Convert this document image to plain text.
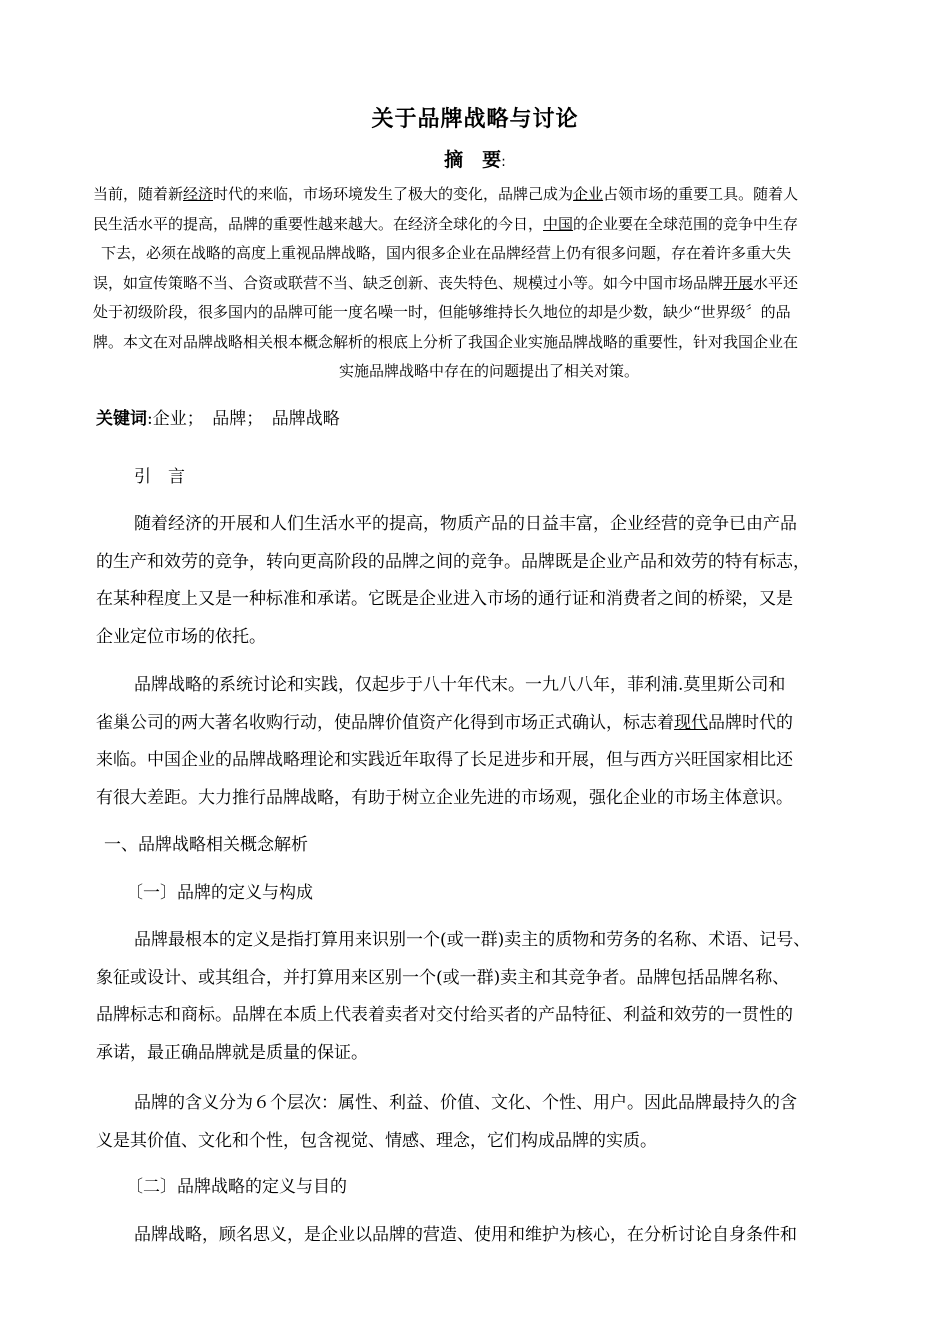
关于品牌战略与讨论
摘　要:
当前，随着新经济时代的来临，市场环境发生了极大的变化，品牌己成为企业占领市场的重要工具。随着人
民生活水平的提高，品牌的重要性越来越大。在经济全球化的今日，中国的企业要在全球范围的竞争中生存
下去，必须在战略的高度上重视品牌战略，国内很多企业在品牌经营上仍有很多问题，存在着许多重大失
误，如宣传策略不当、合资或联营不当、缺乏创新、丧失特色、规模过小等。如今中国市场品牌开展水平还
处于初级阶段，很多国内的品牌可能一度名噪一时，但能够维持长久地位的却是少数，缺少“世界级〞的品
牌。本文在对品牌战略相关根本概念解析的根底上分析了我国企业实施品牌战略的重要性，针对我国企业在
实施品牌战略中存在的问题提出了相关对策。
关键词:企业；　品牌；　品牌战略
引　言
随着经济的开展和人们生活水平的提高，物质产品的日益丰富，企业经营的竞争已由产品
的生产和效劳的竞争，转向更高阶段的品牌之间的竞争。品牌既是企业产品和效劳的特有标志，
在某种程度上又是一种标准和承诺。它既是企业进入市场的通行证和消费者之间的桥梁，又是
企业定位市场的依托。
品牌战略的系统讨论和实践，仅起步于八十年代末。一九八八年，菲利浦.莫里斯公司和
雀巢公司的两大著名收购行动，使品牌价值资产化得到市场正式确认，标志着现代品牌时代的
来临。中国企业的品牌战略理论和实践近年取得了长足进步和开展，但与西方兴旺国家相比还
有很大差距。大力推行品牌战略，有助于树立企业先进的市场观，强化企业的市场主体意识。
一、品牌战略相关概念解析
〔一〕品牌的定义与构成
品牌最根本的定义是指打算用来识别一个(或一群)卖主的质物和劳务的名称、术语、记号、
象征或设计、或其组合，并打算用来区别一个(或一群)卖主和其竞争者。品牌包括品牌名称、
品牌标志和商标。品牌在本质上代表着卖者对交付给买者的产品特征、利益和效劳的一贯性的
承诺，最正确品牌就是质量的保证。
品牌的含义分为６个层次：属性、利益、价值、文化、个性、用户。因此品牌最持久的含
义是其价值、文化和个性，包含视觉、情感、理念，它们构成品牌的实质。
〔二〕品牌战略的定义与目的
品牌战略，顾名思义，是企业以品牌的营造、使用和维护为核心，在分析讨论自身条件和
